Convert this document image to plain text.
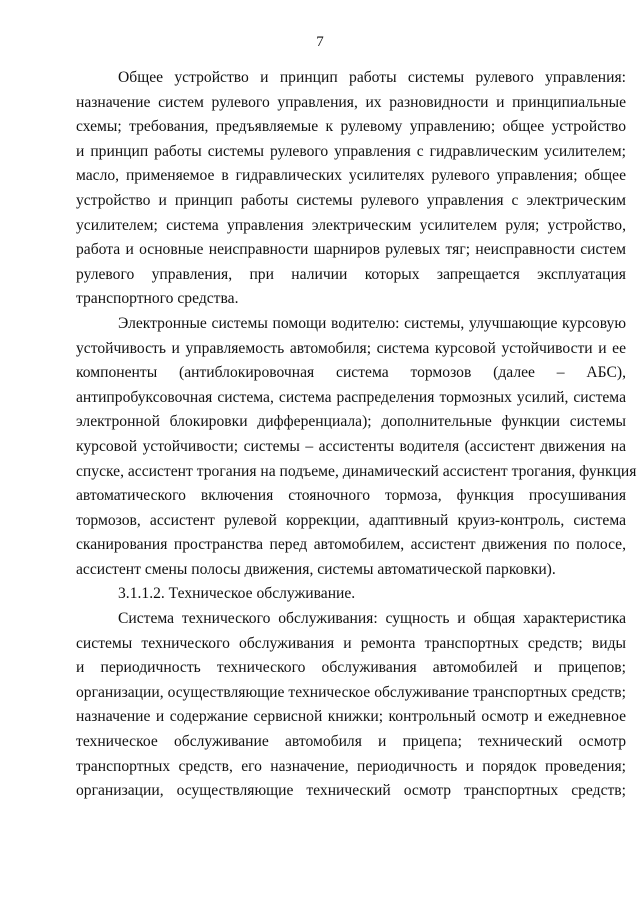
7
Общее устройство и принцип работы системы рулевого управления:
назначение систем рулевого управления, их разновидности и принципиальные
схемы; требования, предъявляемые к рулевому управлению; общее устройство
и принцип работы системы рулевого управления с гидравлическим усилителем;
масло, применяемое в гидравлических усилителях рулевого управления; общее
устройство и принцип работы системы рулевого управления с электрическим
усилителем; система управления электрическим усилителем руля; устройство,
работа и основные неисправности шарниров рулевых тяг; неисправности систем
рулевого управления, при наличии которых запрещается эксплуатация
транспортного средства.
Электронные системы помощи водителю: системы, улучшающие курсовую
устойчивость и управляемость автомобиля; система курсовой устойчивости и ее
компоненты (антиблокировочная система тормозов (далее – АБС),
антипробуксовочная система, система распределения тормозных усилий, система
электронной блокировки дифференциала); дополнительные функции системы
курсовой устойчивости; системы – ассистенты водителя (ассистент движения на
спуске, ассистент трогания на подъеме, динамический ассистент трогания, функция
автоматического включения стояночного тормоза, функция просушивания
тормозов, ассистент рулевой коррекции, адаптивный круиз-контроль, система
сканирования пространства перед автомобилем, ассистент движения по полосе,
ассистент смены полосы движения, системы автоматической парковки).
3.1.1.2. Техническое обслуживание.
Система технического обслуживания: сущность и общая характеристика
системы технического обслуживания и ремонта транспортных средств; виды
и периодичность технического обслуживания автомобилей и прицепов;
организации, осуществляющие техническое обслуживание транспортных средств;
назначение и содержание сервисной книжки; контрольный осмотр и ежедневное
техническое обслуживание автомобиля и прицепа; технический осмотр
транспортных средств, его назначение, периодичность и порядок проведения;
организации, осуществляющие технический осмотр транспортных средств;
